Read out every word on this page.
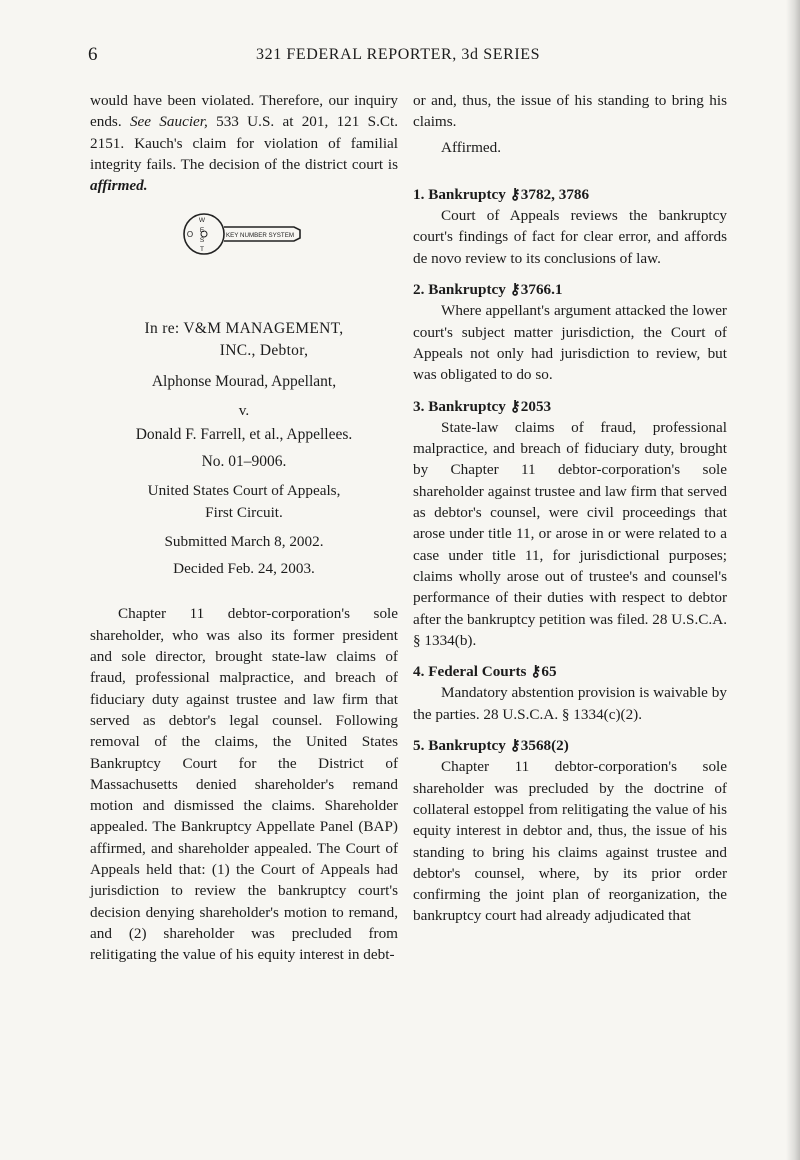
6	321 FEDERAL REPORTER, 3d SERIES

would have been violated. Therefore, our inquiry ends. See Saucier, 533 U.S. at 201, 121 S.Ct. 2151. Kauch's claim for violation of familial integrity fails. The decision of the district court is affirmed.

W
E
S
T
O	KEY NUMBER SYSTEM

In re: V&M MANAGEMENT,

INC., Debtor,

Alphonse Mourad, Appellant,

v.

Donald F. Farrell, et al., Appellees.

No. 01–9006.

United States Court of Appeals,

First Circuit.

Submitted March 8, 2002.

Decided Feb. 24, 2003.

Chapter 11 debtor-corporation's sole shareholder, who was also its former president and sole director, brought state-law claims of fraud, professional malpractice, and breach of fiduciary duty against trustee and law firm that served as debtor's legal counsel. Following removal of the claims, the United States Bankruptcy Court for the District of Massachusetts denied shareholder's remand motion and dismissed the claims. Shareholder appealed. The Bankruptcy Appellate Panel (BAP) affirmed, and shareholder appealed. The Court of Appeals held that: (1) the Court of Appeals had jurisdiction to review the bankruptcy court's decision denying shareholder's motion to remand, and (2) shareholder was precluded from relitigating the value of his equity interest in debt-

or and, thus, the issue of his standing to bring his claims.

Affirmed.

1. Bankruptcy ⚷3782, 3786

Court of Appeals reviews the bankruptcy court's findings of fact for clear error, and affords de novo review to its conclusions of law.

2. Bankruptcy ⚷3766.1

Where appellant's argument attacked the lower court's subject matter jurisdiction, the Court of Appeals not only had jurisdiction to review, but was obligated to do so.

3. Bankruptcy ⚷2053

State-law claims of fraud, professional malpractice, and breach of fiduciary duty, brought by Chapter 11 debtor-corporation's sole shareholder against trustee and law firm that served as debtor's counsel, were civil proceedings that arose under title 11, or arose in or were related to a case under title 11, for jurisdictional purposes; claims wholly arose out of trustee's and counsel's performance of their duties with respect to debtor after the bankruptcy petition was filed. 28 U.S.C.A. § 1334(b).

4. Federal Courts ⚷65

Mandatory abstention provision is waivable by the parties. 28 U.S.C.A. § 1334(c)(2).

5. Bankruptcy ⚷3568(2)

Chapter 11 debtor-corporation's sole shareholder was precluded by the doctrine of collateral estoppel from relitigating the value of his equity interest in debtor and, thus, the issue of his standing to bring his claims against trustee and debtor's counsel, where, by its prior order confirming the joint plan of reorganization, the bankruptcy court had already adjudicated that
